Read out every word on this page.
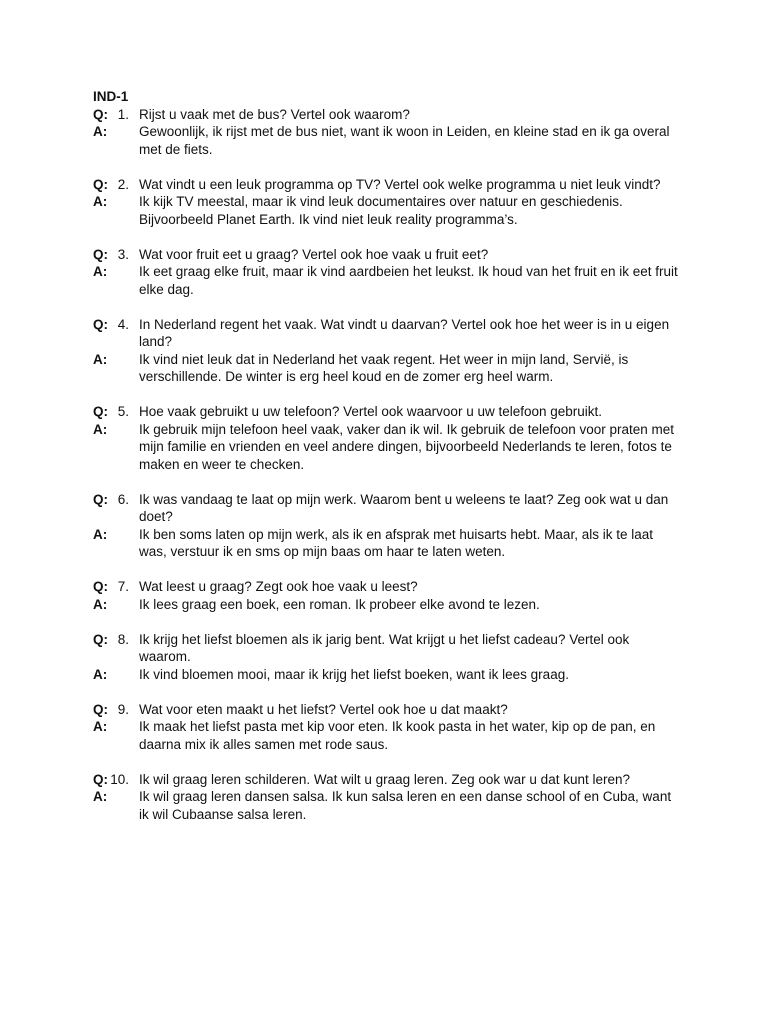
IND-1
1.

Q: Rijst u vaak met de bus? Vertel ook waarom?

A: Gewoonlijk, ik rijst met de bus niet, want ik woon in Leiden, en kleine stad en ik ga overal met de fiets.

2.

Q: Wat vindt u een leuk programma op TV? Vertel ook welke programma u niet leuk vindt?

A: Ik kijk TV meestal, maar ik vind leuk documentaires over natuur en geschiedenis. Bijvoorbeeld Planet Earth. Ik vind niet leuk reality programma’s.

3.

Q: Wat voor fruit eet u graag? Vertel ook hoe vaak u fruit eet?

A: Ik eet graag elke fruit, maar ik vind aardbeien het leukst. Ik houd van het fruit en ik eet fruit elke dag.

4.

Q: In Nederland regent het vaak. Wat vindt u daarvan? Vertel ook hoe het weer is in u eigen land?

A: Ik vind niet leuk dat in Nederland het vaak regent. Het weer in mijn land, Servië, is verschillende. De winter is erg heel koud en de zomer erg heel warm.

5.

Q: Hoe vaak gebruikt u uw telefoon? Vertel ook waarvoor u uw telefoon gebruikt.

A: Ik gebruik mijn telefoon heel vaak, vaker dan ik wil. Ik gebruik de telefoon voor praten met mijn familie en vrienden en veel andere dingen, bijvoorbeeld Nederlands te leren, fotos te maken en weer te checken.

6.

Q: Ik was vandaag te laat op mijn werk. Waarom bent u weleens te laat? Zeg ook wat u dan doet?

A: Ik ben soms laten op mijn werk, als ik en afsprak met huisarts hebt. Maar, als ik te laat was, verstuur ik en sms op mijn baas om haar te laten weten.

7.

Q: Wat leest u graag? Zegt ook hoe vaak u leest?

A: Ik lees graag een boek, een roman. Ik probeer elke avond te lezen.

8.

Q: Ik krijg het liefst bloemen als ik jarig bent. Wat krijgt u het liefst cadeau? Vertel ook waarom.

A: Ik vind bloemen mooi, maar ik krijg het liefst boeken, want ik lees graag.

9.

Q: Wat voor eten maakt u het liefst? Vertel ook hoe u dat maakt?

A: Ik maak het liefst pasta met kip voor eten. Ik kook pasta in het water, kip op de pan, en daarna mix ik alles samen met rode saus.

10.

Q: Ik wil graag leren schilderen. Wat wilt u graag leren. Zeg ook war u dat kunt leren?

A: Ik wil graag leren dansen salsa. Ik kun salsa leren en een danse school of en Cuba, want ik wil Cubaanse salsa leren.
